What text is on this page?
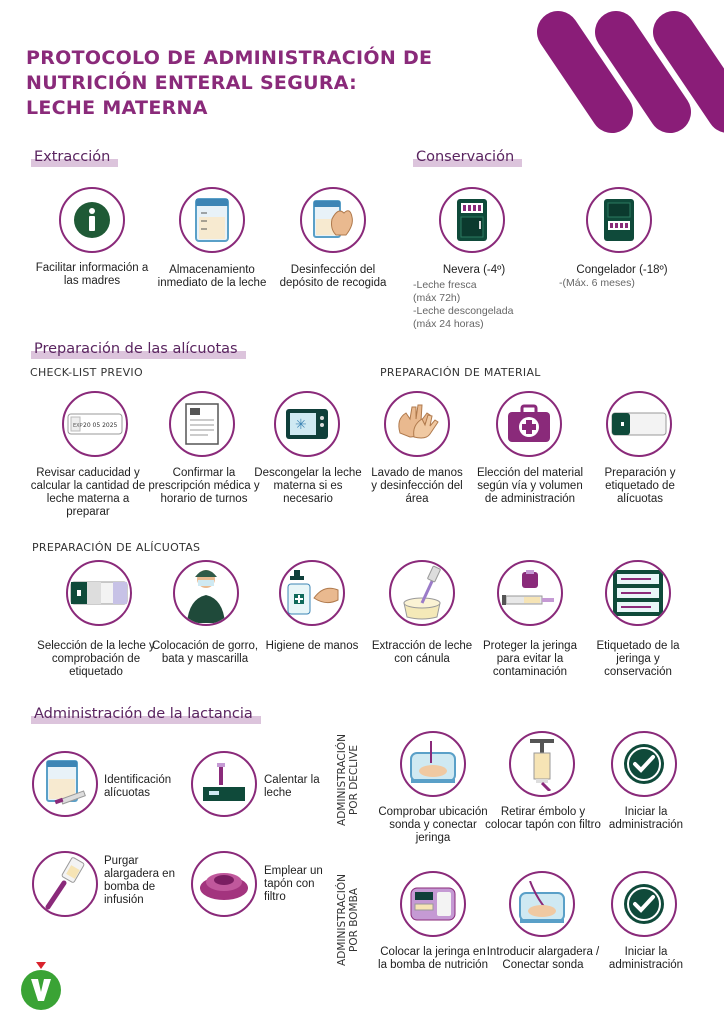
PROTOCOLO DE ADMINISTRACIÓN DE
NUTRICIÓN ENTERAL SEGURA:
LECHE MATERNA
Extracción
Facilitar información a las madres
Almacenamiento inmediato de la leche
Desinfección del depósito de recogida
Conservación
Nevera (-4º)
-Leche fresca
(máx 72h)
-Leche descongelada
(máx 24 horas)
Congelador (-18º)
-(Máx. 6 meses)
Preparación de las alícuotas
CHECK-LIST PREVIO	PREPARACIÓN DE MATERIAL
EXP 20 05 2025
Revisar caducidad y calcular la cantidad de leche materna a preparar
Confirmar la prescripción médica y horario de turnos
✳
Descongelar la leche materna si es necesario
Lavado de manos y desinfección del área
Elección del material según vía y volumen de administración
Preparación y etiquetado de alícuotas
PREPARACIÓN DE ALÍCUOTAS
Selección de la leche y comprobación de etiquetado
Colocación de gorro, bata y mascarilla
Higiene de manos	Extracción de leche con cánula
Proteger la jeringa para evitar la contaminación
Etiquetado de la jeringa y conservación
Administración de la lactancia
Identificación alícuotas
Calentar la leche
Purgar alargadera en bomba de infusión
Emplear un tapón con filtro
ADMINISTRACIÓN POR DECLIVE
ADMINISTRACIÓN POR BOMBA
Comprobar ubicación sonda y conectar jeringa
Retirar émbolo y colocar tapón con filtro
Iniciar la administración
Colocar la jeringa en la bomba de nutrición
Introducir alargadera / Conectar sonda
Iniciar la administración
